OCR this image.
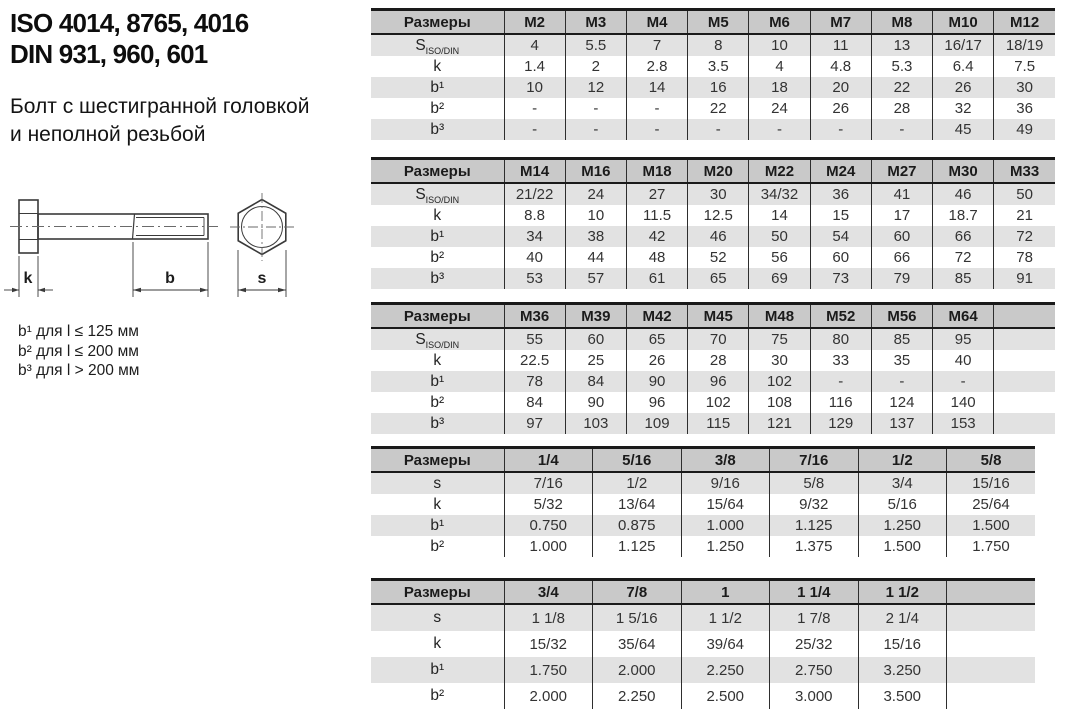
ISO 4014, 8765, 4016
DIN 931, 960, 601
Болт с шестигранной головкой
и неполной резьбой
k	b	s
b¹ для l ≤ 125 мм
b² для l ≤ 200 мм
b³ для l > 200 мм
Размеры	M2	M3	M4	M5	M6	M7	M8	M10	M12
$S_{ISO/DIN}$	4	5.5	7	8	10	11	13	16/17	18/19
k	1.4	2	2.8	3.5	4	4.8	5.3	6.4	7.5
b¹	10	12	14	16	18	20	22	26	30
b²	-	-	-	22	24	26	28	32	36
b³	-	-	-	-	-	-	-	45	49
Размеры	M14	M16	M18	M20	M22	M24	M27	M30	M33
$S_{ISO/DIN}$	21/22	24	27	30	34/32	36	41	46	50
k	8.8	10	11.5	12.5	14	15	17	18.7	21
b¹	34	38	42	46	50	54	60	66	72
b²	40	44	48	52	56	60	66	72	78
b³	53	57	61	65	69	73	79	85	91
Размеры	M36	M39	M42	M45	M48	M52	M56	M64	
$S_{ISO/DIN}$	55	60	65	70	75	80	85	95	
k	22.5	25	26	28	30	33	35	40	
b¹	78	84	90	96	102	-	-	-	
b²	84	90	96	102	108	116	124	140	
b³	97	103	109	115	121	129	137	153	
Размеры	1/4	5/16	3/8	7/16	1/2	5/8
s	7/16	1/2	9/16	5/8	3/4	15/16
k	5/32	13/64	15/64	9/32	5/16	25/64
b¹	0.750	0.875	1.000	1.125	1.250	1.500
b²	1.000	1.125	1.250	1.375	1.500	1.750
Размеры	3/4	7/8	1	1 1/4	1 1/2	
s	1 1/8	1 5/16	1 1/2	1 7/8	2 1/4	
k	15/32	35/64	39/64	25/32	15/16	
b¹	1.750	2.000	2.250	2.750	3.250	
b²	2.000	2.250	2.500	3.000	3.500	
